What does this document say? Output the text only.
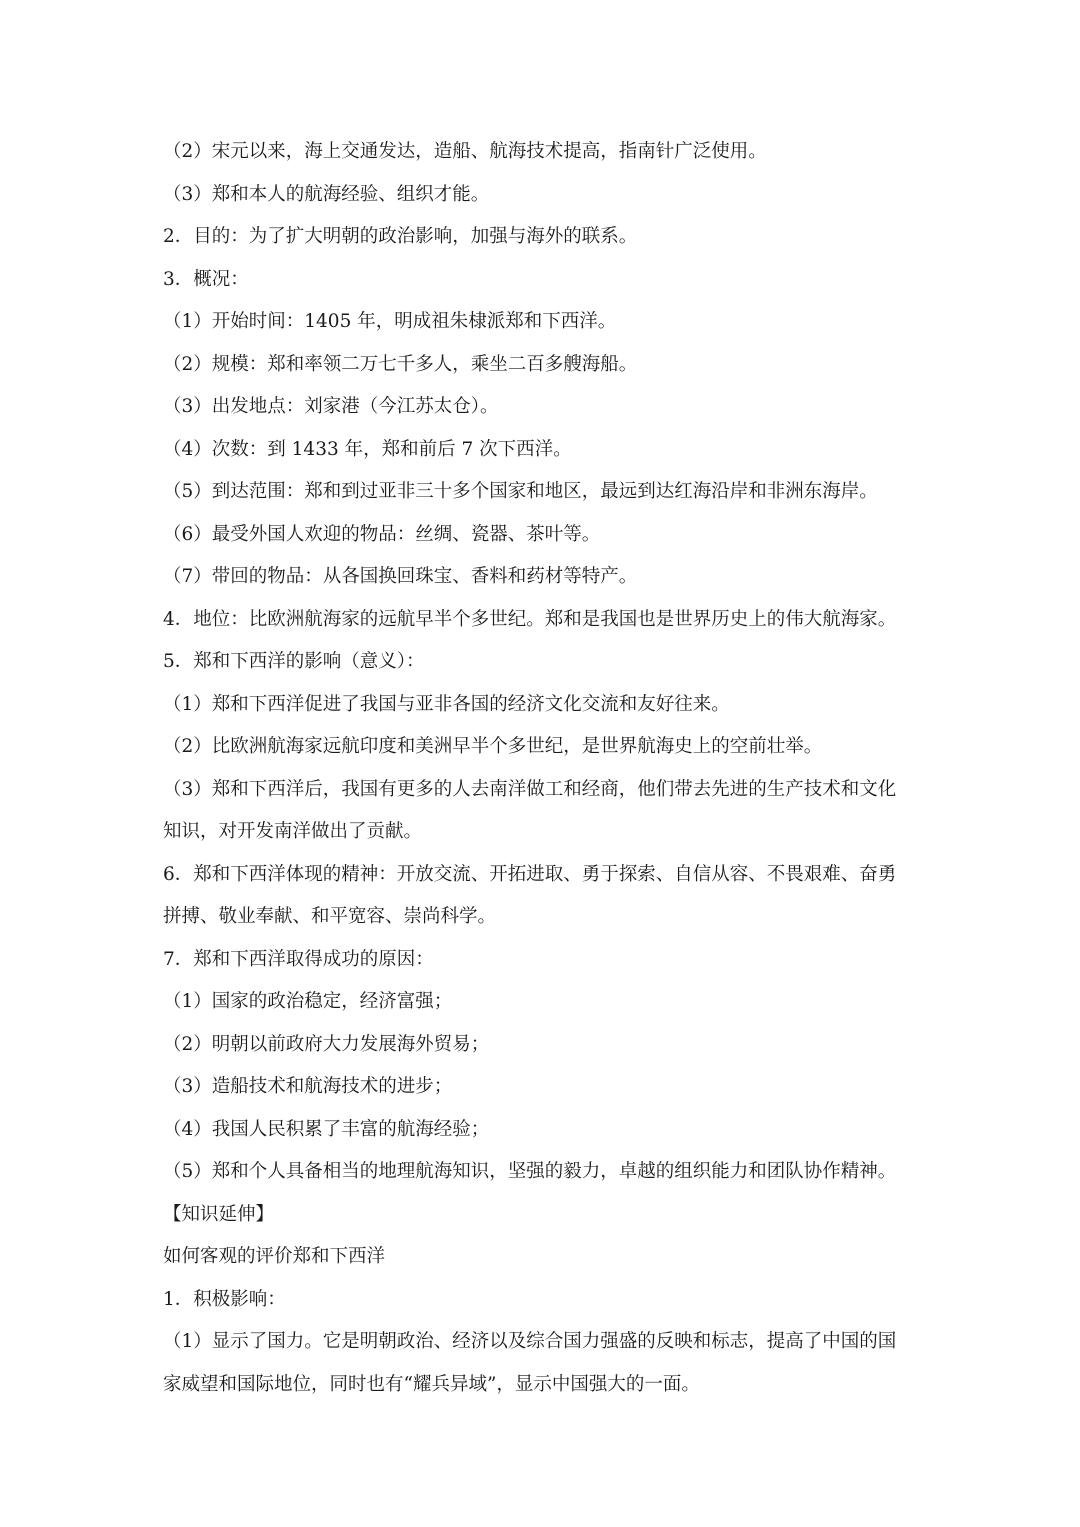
（2）宋元以来，海上交通发达，造船、航海技术提高，指南针广泛使用。
（3）郑和本人的航海经验、组织才能。
2．目的：为了扩大明朝的政治影响，加强与海外的联系。
3．概况：
（1）开始时间：1405 年，明成祖朱棣派郑和下西洋。
（2）规模：郑和率领二万七千多人，乘坐二百多艘海船。
（3）出发地点：刘家港（今江苏太仓）。
（4）次数：到 1433 年，郑和前后 7 次下西洋。
（5）到达范围：郑和到过亚非三十多个国家和地区，最远到达红海沿岸和非洲东海岸。
（6）最受外国人欢迎的物品：丝绸、瓷器、茶叶等。
（7）带回的物品：从各国换回珠宝、香料和药材等特产。
4．地位：比欧洲航海家的远航早半个多世纪。郑和是我国也是世界历史上的伟大航海家。
5．郑和下西洋的影响（意义）：
（1）郑和下西洋促进了我国与亚非各国的经济文化交流和友好往来。
（2）比欧洲航海家远航印度和美洲早半个多世纪，是世界航海史上的空前壮举。
（3）郑和下西洋后，我国有更多的人去南洋做工和经商，他们带去先进的生产技术和文化
知识，对开发南洋做出了贡献。
6．郑和下西洋体现的精神：开放交流、开拓进取、勇于探索、自信从容、不畏艰难、奋勇
拼搏、敬业奉献、和平宽容、崇尚科学。
7．郑和下西洋取得成功的原因：
（1）国家的政治稳定，经济富强；
（2）明朝以前政府大力发展海外贸易；
（3）造船技术和航海技术的进步；
（4）我国人民积累了丰富的航海经验；
（5）郑和个人具备相当的地理航海知识，坚强的毅力，卓越的组织能力和团队协作精神。
【知识延伸】
如何客观的评价郑和下西洋
1．积极影响：
（1）显示了国力。它是明朝政治、经济以及综合国力强盛的反映和标志，提高了中国的国
家威望和国际地位，同时也有“耀兵异域”，显示中国强大的一面。
